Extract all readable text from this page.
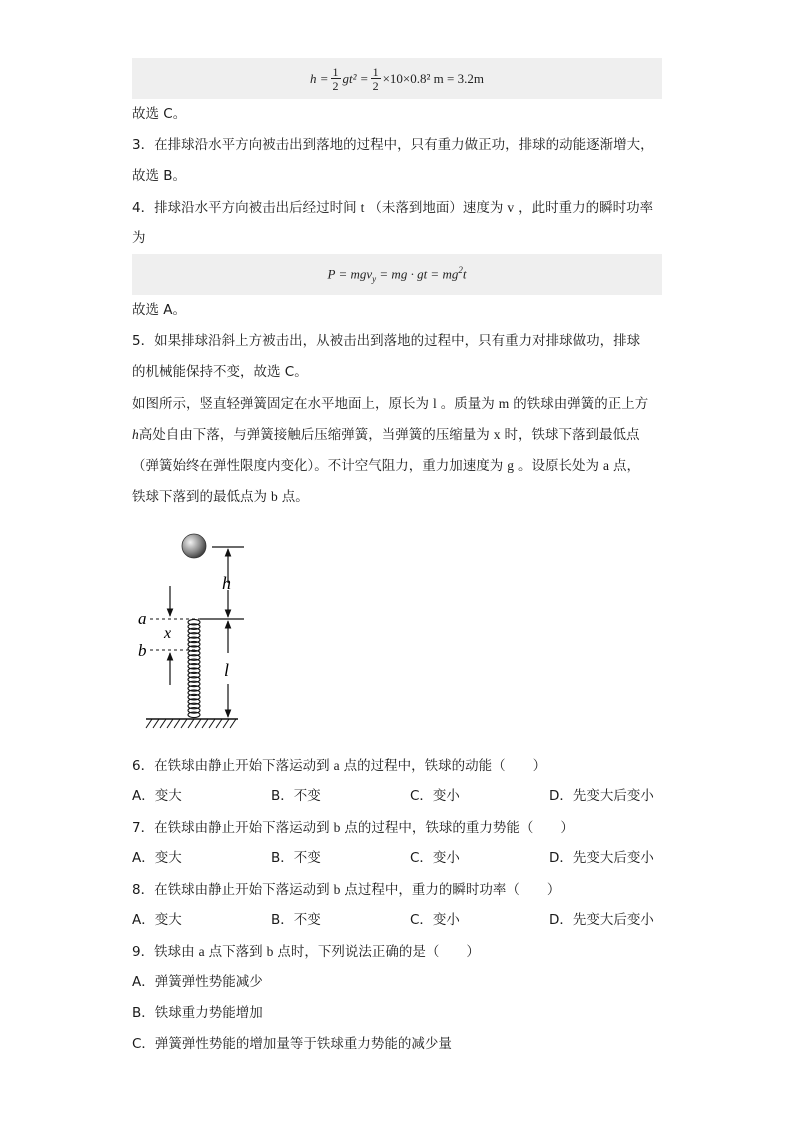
$h = \frac{1}{2} gt^2 = \frac{1}{2} \times 10\times 0.8^2$ m = 3.2m
故选 C。
3．在排球沿水平方向被击出到落地的过程中，只有重力做正功，排球的动能逐渐增大，
故选 B。
4．排球沿水平方向被击出后经过时间 t （未落到地面）速度为 v ，此时重力的瞬时功率
为
P = mgv$_y$ = mg · gt = $mg^2t$
故选 A。
5．如果排球沿斜上方被击出，从被击出到落地的过程中，只有重力对排球做功，排球
的机械能保持不变，故选 C。
如图所示，竖直轻弹簧固定在水平地面上，原长为 l 。质量为 m 的铁球由弹簧的正上方
h高处自由下落，与弹簧接触后压缩弹簧，当弹簧的压缩量为 x 时，铁球下落到最低点
（弹簧始终在弹性限度内变化）。不计空气阻力，重力加速度为 g 。设原长处为 a 点，
铁球下落到的最低点为 b 点。
6．在铁球由静止开始下落运动到 a 点的过程中，铁球的动能（　　）
A．变大	B．不变	C．变小	D．先变大后变小
7．在铁球由静止开始下落运动到 b 点的过程中，铁球的重力势能（　　）
A．变大	B．不变	C．变小	D．先变大后变小
8．在铁球由静止开始下落运动到 b 点过程中，重力的瞬时功率（　　）
A．变大	B．不变	C．变小	D．先变大后变小
9．铁球由 a 点下落到 b 点时，下列说法正确的是（　　）
A．弹簧弹性势能减少
B．铁球重力势能增加
C．弹簧弹性势能的增加量等于铁球重力势能的减少量
h
a
x
b
l
